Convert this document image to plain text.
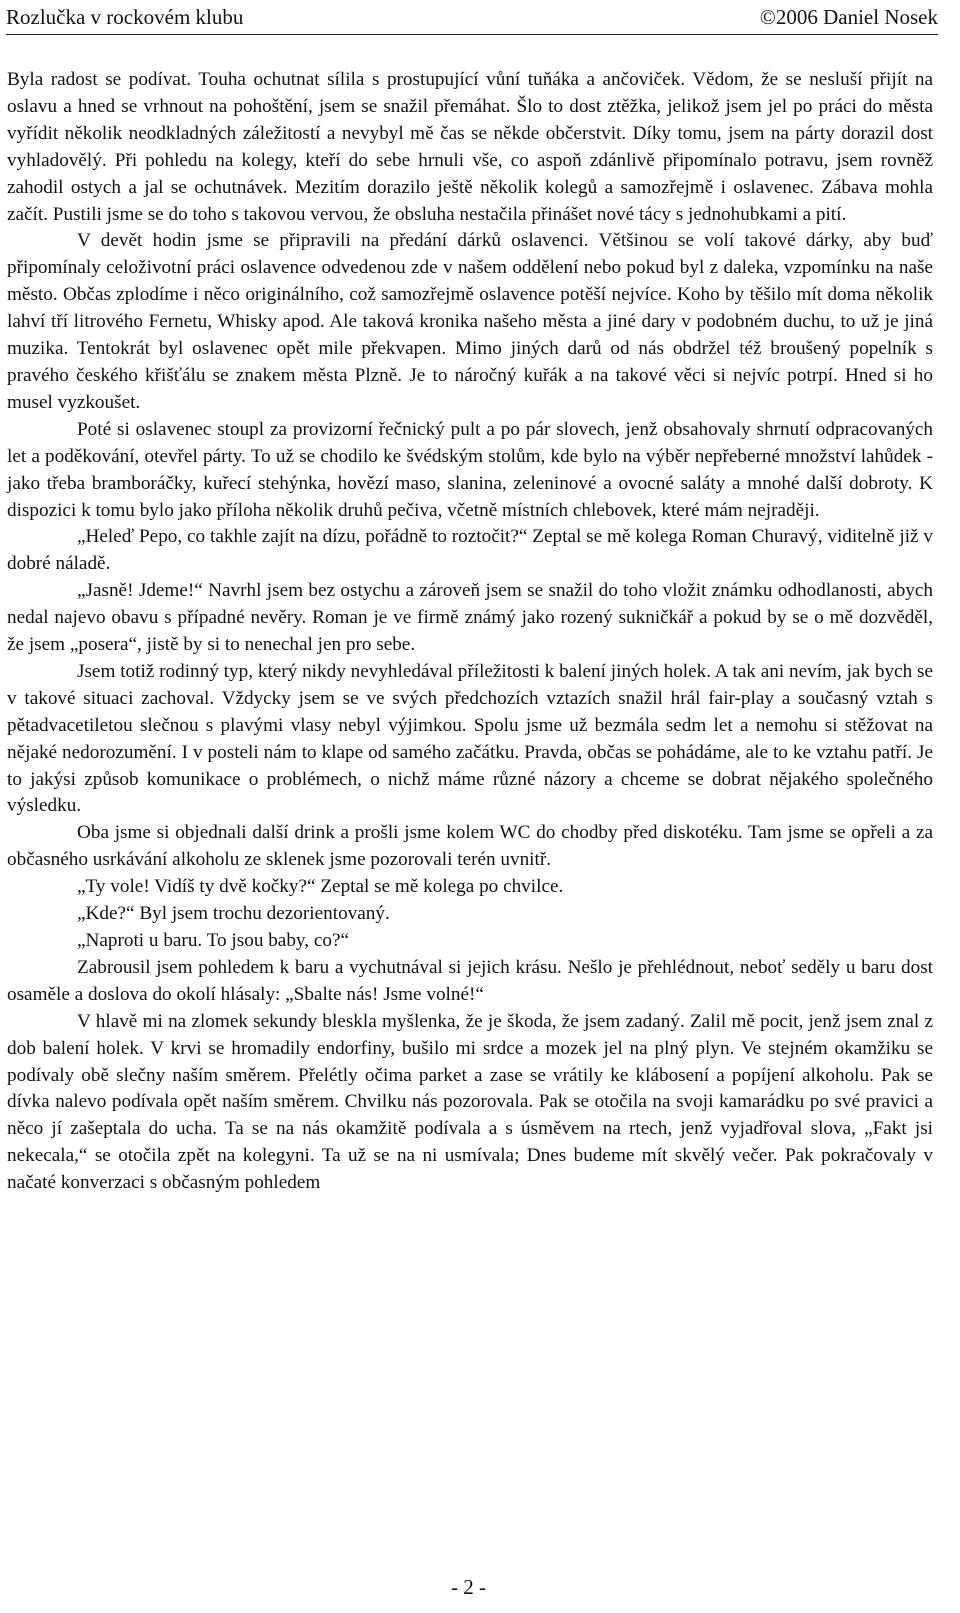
Rozlučka v rockovém klubu	©2006 Daniel Nosek

Byla radost se podívat. Touha ochutnat sílila s prostupující vůní tuňáka a ančoviček. Vědom, že se nesluší přijít na oslavu a hned se vrhnout na pohoštění, jsem se snažil přemáhat. Šlo to dost ztěžka, jelikož jsem jel po práci do města vyřídit několik neodkladných záležitostí a nevybyl mě čas se někde občerstvit. Díky tomu, jsem na párty dorazil dost vyhladovělý. Při pohledu na kolegy, kteří do sebe hrnuli vše, co aspoň zdánlivě připomínalo potravu, jsem rovněž zahodil ostych a jal se ochutnávek. Mezitím dorazilo ještě několik kolegů a samozřejmě i oslavenec. Zábava mohla začít. Pustili jsme se do toho s takovou vervou, že obsluha nestačila přinášet nové tácy s jednohubkami a pití.

V devět hodin jsme se připravili na předání dárků oslavenci. Většinou se volí takové dárky, aby buď připomínaly celoživotní práci oslavence odvedenou zde v našem oddělení nebo pokud byl z daleka, vzpomínku na naše město. Občas zplodíme i něco originálního, což samozřejmě oslavence potěší nejvíce. Koho by těšilo mít doma několik lahví tří litrového Fernetu, Whisky apod. Ale taková kronika našeho města a jiné dary v podobném duchu, to už je jiná muzika. Tentokrát byl oslavenec opět mile překvapen. Mimo jiných darů od nás obdržel též broušený popelník s pravého českého křišťálu se znakem města Plzně. Je to náročný kuřák a na takové věci si nejvíc potrpí. Hned si ho musel vyzkoušet.

Poté si oslavenec stoupl za provizorní řečnický pult a po pár slovech, jenž obsahovaly shrnutí odpracovaných let a poděkování, otevřel párty. To už se chodilo ke švédským stolům, kde bylo na výběr nepřeberné množství lahůdek - jako třeba bramboráčky, kuřecí stehýnka, hovězí maso, slanina, zeleninové a ovocné saláty a mnohé další dobroty. K dispozici k tomu bylo jako příloha několik druhů pečiva, včetně místních chlebovek, které mám nejraději.

„Heleď Pepo, co takhle zajít na dízu, pořádně to roztočit?“ Zeptal se mě kolega Roman Churavý, viditelně již v dobré náladě.

„Jasně! Jdeme!“ Navrhl jsem bez ostychu a zároveň jsem se snažil do toho vložit známku odhodlanosti, abych nedal najevo obavu s případné nevěry. Roman je ve firmě známý jako rozený sukničkář a pokud by se o mě dozvěděl, že jsem „posera“, jistě by si to nenechal jen pro sebe.

Jsem totiž rodinný typ, který nikdy nevyhledával příležitosti k balení jiných holek. A tak ani nevím, jak bych se v takové situaci zachoval. Vždycky jsem se ve svých předchozích vztazích snažil hrál fair-play a současný vztah s pětadvacetiletou slečnou s plavými vlasy nebyl výjimkou. Spolu jsme už bezmála sedm let a nemohu si stěžovat na nějaké nedorozumění. I v posteli nám to klape od samého začátku. Pravda, občas se pohádáme, ale to ke vztahu patří. Je to jakýsi způsob komunikace o problémech, o nichž máme různé názory a chceme se dobrat nějakého společného výsledku.

Oba jsme si objednali další drink a prošli jsme kolem WC do chodby před diskotéku. Tam jsme se opřeli a za občasného usrkávání alkoholu ze sklenek jsme pozorovali terén uvnitř.

„Ty vole! Vidíš ty dvě kočky?“ Zeptal se mě kolega po chvilce.

„Kde?“ Byl jsem trochu dezorientovaný.

„Naproti u baru. To jsou baby, co?“

Zabrousil jsem pohledem k baru a vychutnával si jejich krásu. Nešlo je přehlédnout, neboť seděly u baru dost osaměle a doslova do okolí hlásaly: „Sbalte nás! Jsme volné!“

V hlavě mi na zlomek sekundy bleskla myšlenka, že je škoda, že jsem zadaný. Zalil mě pocit, jenž jsem znal z dob balení holek. V krvi se hromadily endorfiny, bušilo mi srdce a mozek jel na plný plyn. Ve stejném okamžiku se podívaly obě slečny naším směrem. Přelétly očima parket a zase se vrátily ke klábosení a popíjení alkoholu. Pak se dívka nalevo podívala opět naším směrem. Chvilku nás pozorovala. Pak se otočila na svoji kamarádku po své pravici a něco jí zašeptala do ucha. Ta se na nás okamžitě podívala a s úsměvem na rtech, jenž vyjadřoval slova, „Fakt jsi nekecala,“ se otočila zpět na kolegyni. Ta už se na ni usmívala; Dnes budeme mít skvělý večer. Pak pokračovaly v načaté konverzaci s občasným pohledem

- 2 -
